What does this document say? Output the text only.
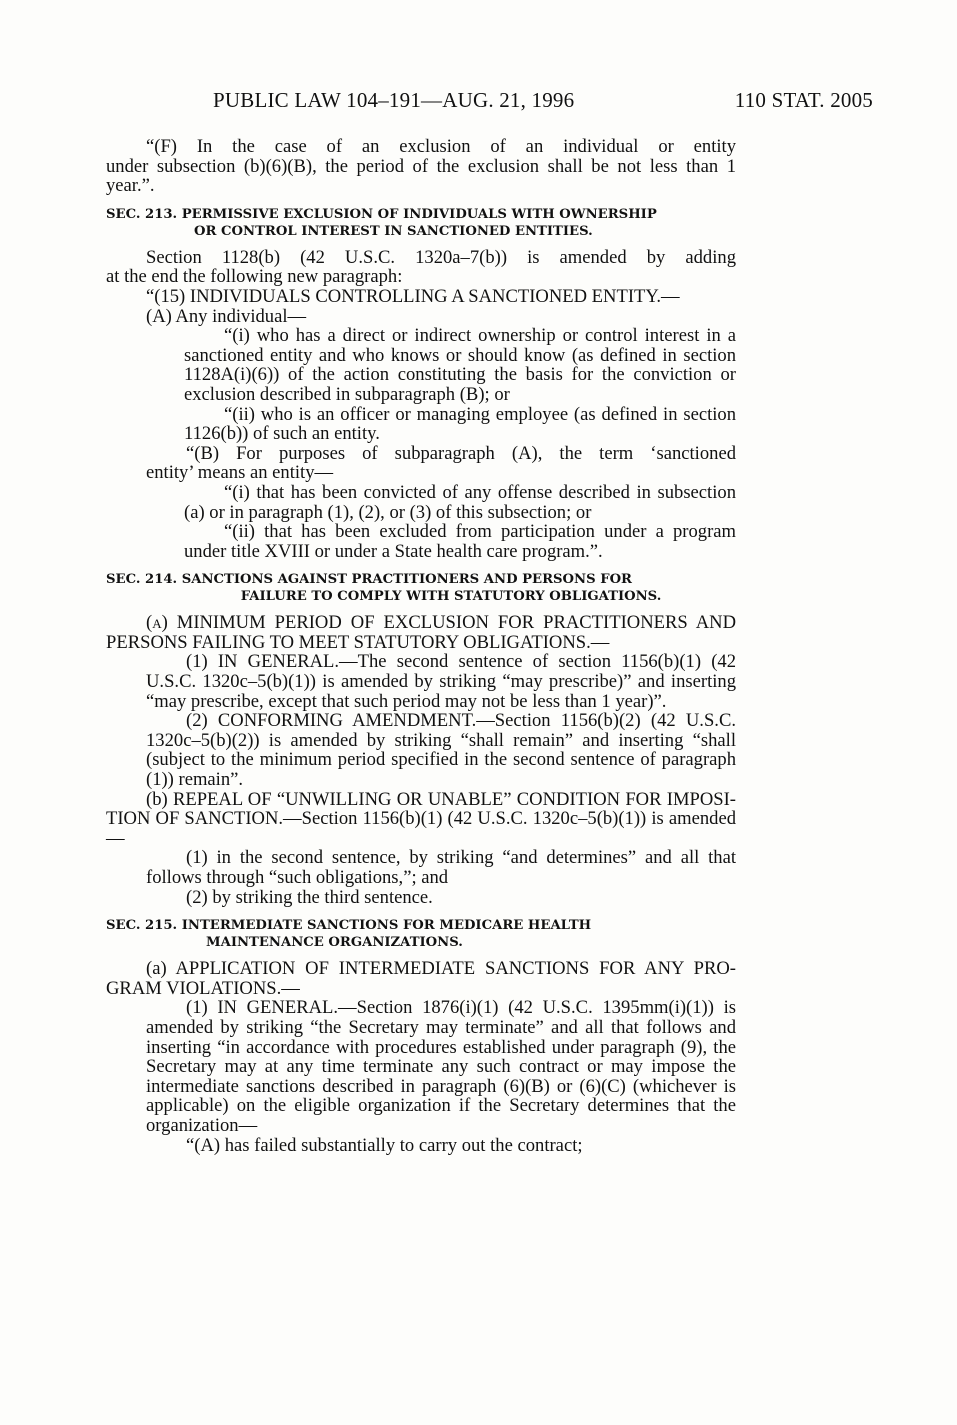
PUBLIC LAW 104–191—AUG. 21, 1996	110 STAT. 2005

“(F) In the case of an exclusion of an individual or entity

under subsection (b)(6)(B), the period of the exclusion shall be not less than 1 year.”.

SEC. 213. PERMISSIVE EXCLUSION OF INDIVIDUALS WITH OWNERSHIP
OR CONTROL INTEREST IN SANCTIONED ENTITIES.

Section 1128(b) (42 U.S.C. 1320a–7(b)) is amended by adding

at the end the following new paragraph:

“(15) INDIVIDUALS CONTROLLING A SANCTIONED ENTITY.—

(A) Any individual—

“(i) who has a direct or indirect ownership or control interest in a sanctioned entity and who knows or should know (as defined in section 1128A(i)(6)) of the action constituting the basis for the conviction or exclusion described in subparagraph (B); or

“(ii) who is an officer or managing employee (as defined in section 1126(b)) of such an entity.

“(B) For purposes of subparagraph (A), the term ‘sanctioned

entity’ means an entity—

“(i) that has been convicted of any offense described in subsection (a) or in paragraph (1), (2), or (3) of this subsection; or

“(ii) that has been excluded from participation under a program under title XVIII or under a State health care program.”.

SEC. 214. SANCTIONS AGAINST PRACTITIONERS AND PERSONS FOR
FAILURE TO COMPLY WITH STATUTORY OBLIGATIONS.

(a) MINIMUM PERIOD OF EXCLUSION FOR PRACTITIONERS AND

PERSONS FAILING TO MEET STATUTORY OBLIGATIONS.—

(1) IN GENERAL.—The second sentence of section 1156(b)(1) (42 U.S.C. 1320c–5(b)(1)) is amended by striking “may prescribe)” and inserting “may prescribe, except that such period may not be less than 1 year)”.

(2) CONFORMING AMENDMENT.—Section 1156(b)(2) (42 U.S.C. 1320c–5(b)(2)) is amended by striking “shall remain” and inserting “shall (subject to the minimum period specified in the second sentence of paragraph (1)) remain”.

(b) REPEAL OF “UNWILLING OR UNABLE” CONDITION FOR IMPOSI-

TION OF SANCTION.—Section 1156(b)(1) (42 U.S.C. 1320c–5(b)(1)) is amended—

(1) in the second sentence, by striking “and determines” and all that follows through “such obligations,”; and

(2) by striking the third sentence.

SEC. 215. INTERMEDIATE SANCTIONS FOR MEDICARE HEALTH
MAINTENANCE ORGANIZATIONS.

(a) APPLICATION OF INTERMEDIATE SANCTIONS FOR ANY PRO-

GRAM VIOLATIONS.—

(1) IN GENERAL.—Section 1876(i)(1) (42 U.S.C. 1395mm(i)(1)) is amended by striking “the Secretary may terminate” and all that follows and inserting “in accordance with procedures established under paragraph (9), the Secretary may at any time terminate any such contract or may impose the intermediate sanctions described in paragraph (6)(B) or (6)(C) (whichever is applicable) on the eligible organization if the Secretary determines that the organization—

“(A) has failed substantially to carry out the contract;
